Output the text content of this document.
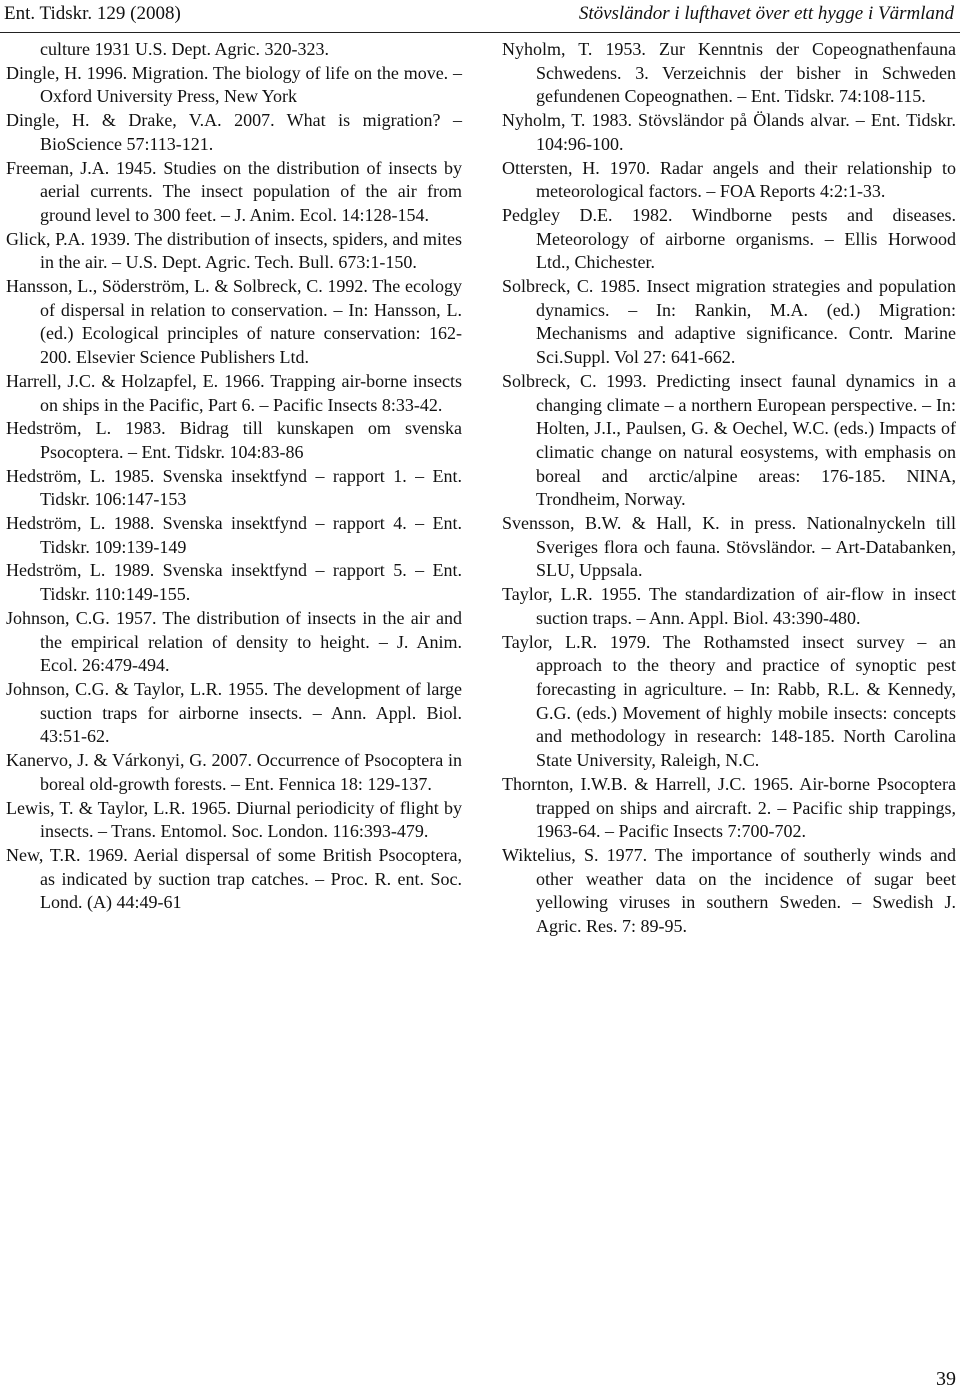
Ent. Tidskr. 129 (2008)	Stövsländor i lufthavet över ett hygge i Värmland

culture 1931 U.S. Dept. Agric. 320-323.

Dingle, H. 1996. Migration. The biology of life on the move. – Oxford University Press, New York

Dingle, H. & Drake, V.A. 2007. What is migration? – BioScience 57:113-121.

Freeman, J.A. 1945. Studies on the distribution of insects by aerial currents. The insect population of the air from ground level to 300 feet. – J. Anim. Ecol. 14:128-154.

Glick, P.A. 1939. The distribution of insects, spiders, and mites in the air. – U.S. Dept. Agric. Tech. Bull. 673:1-150.

Hansson, L., Söderström, L. & Solbreck, C. 1992. The ecology of dispersal in relation to conservation. – In: Hansson, L. (ed.) Ecological principles of nature conservation: 162-200. Elsevier Science Publishers Ltd.

Harrell, J.C. & Holzapfel, E. 1966. Trapping air-borne insects on ships in the Pacific, Part 6. – Pacific Insects 8:33-42.

Hedström, L. 1983. Bidrag till kunskapen om svenska Psocoptera. – Ent. Tidskr. 104:83-86

Hedström, L. 1985. Svenska insektfynd – rapport 1. – Ent. Tidskr. 106:147-153

Hedström, L. 1988. Svenska insektfynd – rapport 4. – Ent. Tidskr. 109:139-149

Hedström, L. 1989. Svenska insektfynd – rapport 5. – Ent. Tidskr. 110:149-155.

Johnson, C.G. 1957. The distribution of insects in the air and the empirical relation of density to height. – J. Anim. Ecol. 26:479-494.

Johnson, C.G. & Taylor, L.R. 1955. The development of large suction traps for airborne insects. – Ann. Appl. Biol. 43:51-62.

Kanervo, J. & Várkonyi, G. 2007. Occurrence of Psocoptera in boreal old-growth forests. – Ent. Fennica 18: 129-137.

Lewis, T. & Taylor, L.R. 1965. Diurnal periodicity of flight by insects. – Trans. Entomol. Soc. London. 116:393-479.

New, T.R. 1969. Aerial dispersal of some British Psocoptera, as indicated by suction trap catches. – Proc. R. ent. Soc. Lond. (A) 44:49-61

Nyholm, T. 1953. Zur Kenntnis der Copeognathenfauna Schwedens. 3. Verzeichnis der bisher in Schweden gefundenen Copeognathen. – Ent. Tidskr. 74:108-115.

Nyholm, T. 1983. Stövsländor på Ölands alvar. – Ent. Tidskr. 104:96-100.

Ottersten, H. 1970. Radar angels and their relationship to meteorological factors. – FOA Reports 4:2:1-33.

Pedgley D.E. 1982. Windborne pests and diseases. Meteorology of airborne organisms. – Ellis Horwood Ltd., Chichester.

Solbreck, C. 1985. Insect migration strategies and population dynamics. – In: Rankin, M.A. (ed.) Migration: Mechanisms and adaptive significance. Contr. Marine Sci.Suppl. Vol 27: 641-662.

Solbreck, C. 1993. Predicting insect faunal dynamics in a changing climate – a northern European perspective. – In: Holten, J.I., Paulsen, G. & Oechel, W.C. (eds.) Impacts of climatic change on natural eosystems, with emphasis on boreal and arctic/alpine areas: 176-185. NINA, Trondheim, Norway.

Svensson, B.W. & Hall, K. in press. Nationalnyckeln till Sveriges flora och fauna. Stövsländor. – Art-Databanken, SLU, Uppsala.

Taylor, L.R. 1955. The standardization of air-flow in insect suction traps. – Ann. Appl. Biol. 43:390-480.

Taylor, L.R. 1979. The Rothamsted insect survey – an approach to the theory and practice of synoptic pest forecasting in agriculture. – In: Rabb, R.L. & Kennedy, G.G. (eds.) Movement of highly mobile insects: concepts and methodology in research: 148-185. North Carolina State University, Raleigh, N.C.

Thornton, I.W.B. & Harrell, J.C. 1965. Air-borne Psocoptera trapped on ships and aircraft. 2. – Pacific ship trappings, 1963-64. – Pacific Insects 7:700-702.

Wiktelius, S. 1977. The importance of southerly winds and other weather data on the incidence of sugar beet yellowing viruses in southern Sweden. – Swedish J. Agric. Res. 7: 89-95.

39
